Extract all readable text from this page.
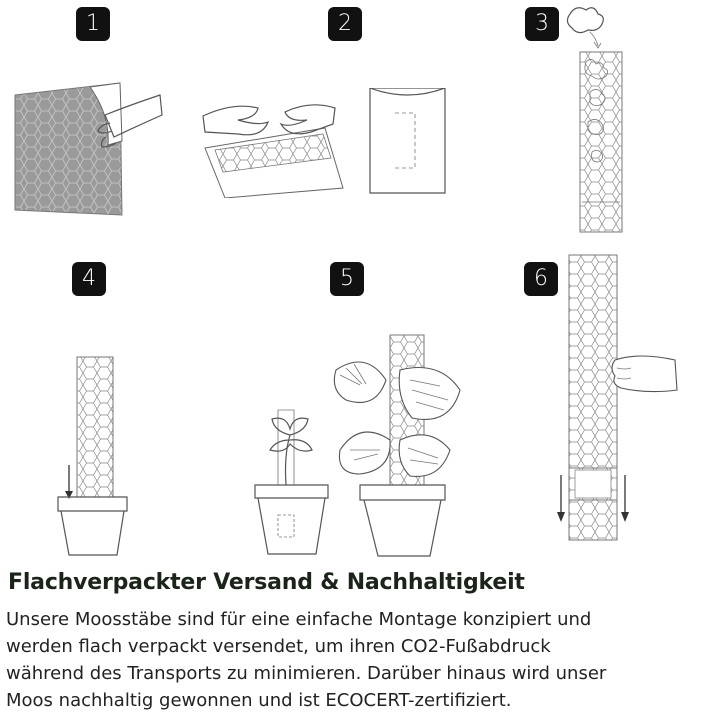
1	2	3
4	5	6
Flachverpackter Versand & Nachhaltigkeit
Unsere Moosstäbe sind für eine einfache Montage konzipiert und
werden flach verpackt versendet, um ihren CO2-Fußabdruck
während des Transports zu minimieren. Darüber hinaus wird unser
Moos nachhaltig gewonnen und ist ECOCERT-zertifiziert.
